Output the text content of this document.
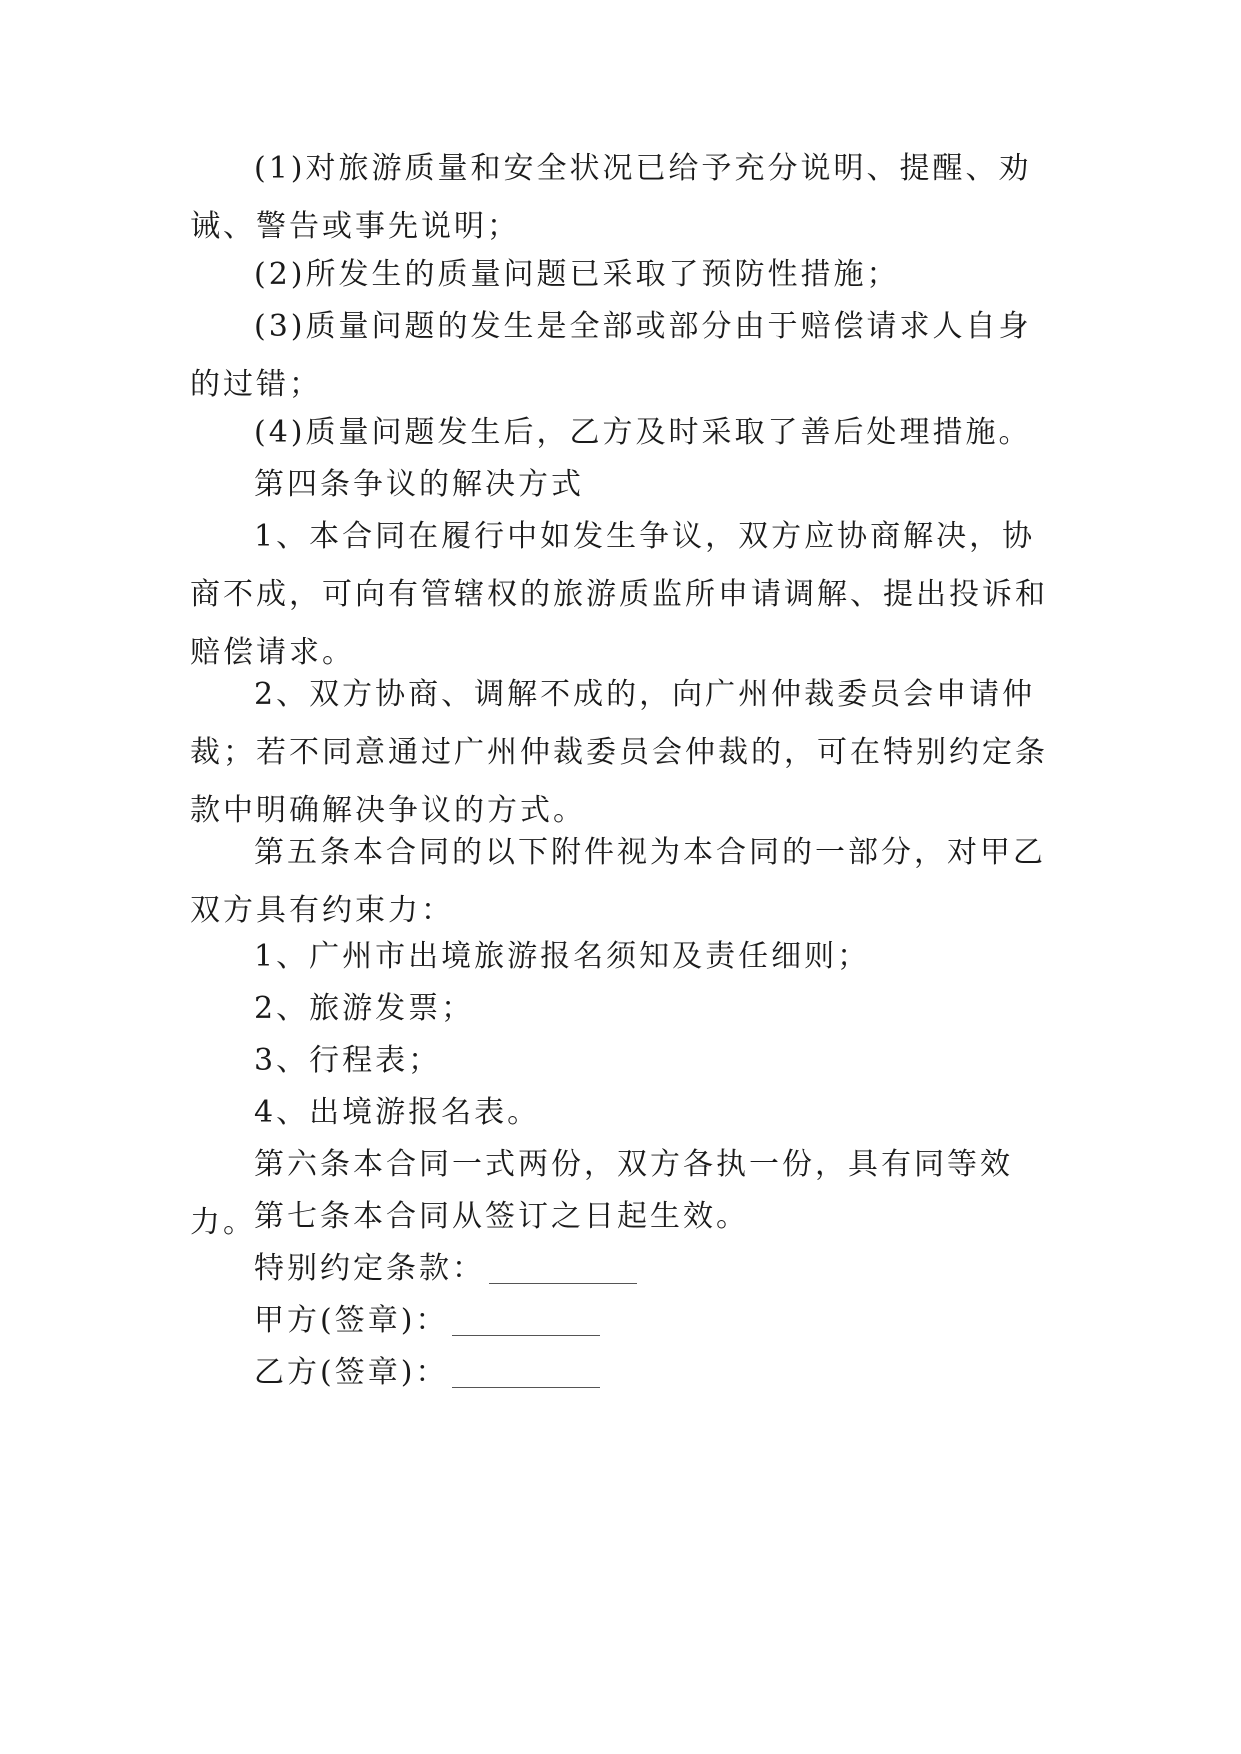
(1)对旅游质量和安全状况已给予充分说明、提醒、劝诫、警告或事先说明；

(2)所发生的质量问题已采取了预防性措施；

(3)质量问题的发生是全部或部分由于赔偿请求人自身的过错；

(4)质量问题发生后，乙方及时采取了善后处理措施。

第四条争议的解决方式

1、本合同在履行中如发生争议，双方应协商解决，协商不成，可向有管辖权的旅游质监所申请调解、提出投诉和赔偿请求。

2、双方协商、调解不成的，向广州仲裁委员会申请仲裁；若不同意通过广州仲裁委员会仲裁的，可在特别约定条款中明确解决争议的方式。

第五条本合同的以下附件视为本合同的一部分，对甲乙双方具有约束力：

1、广州市出境旅游报名须知及责任细则；

2、旅游发票；

3、行程表；

4、出境游报名表。

第六条本合同一式两份，双方各执一份，具有同等效力。

第七条本合同从签订之日起生效。

特别约定条款：
甲方(签章)：
乙方(签章)：
